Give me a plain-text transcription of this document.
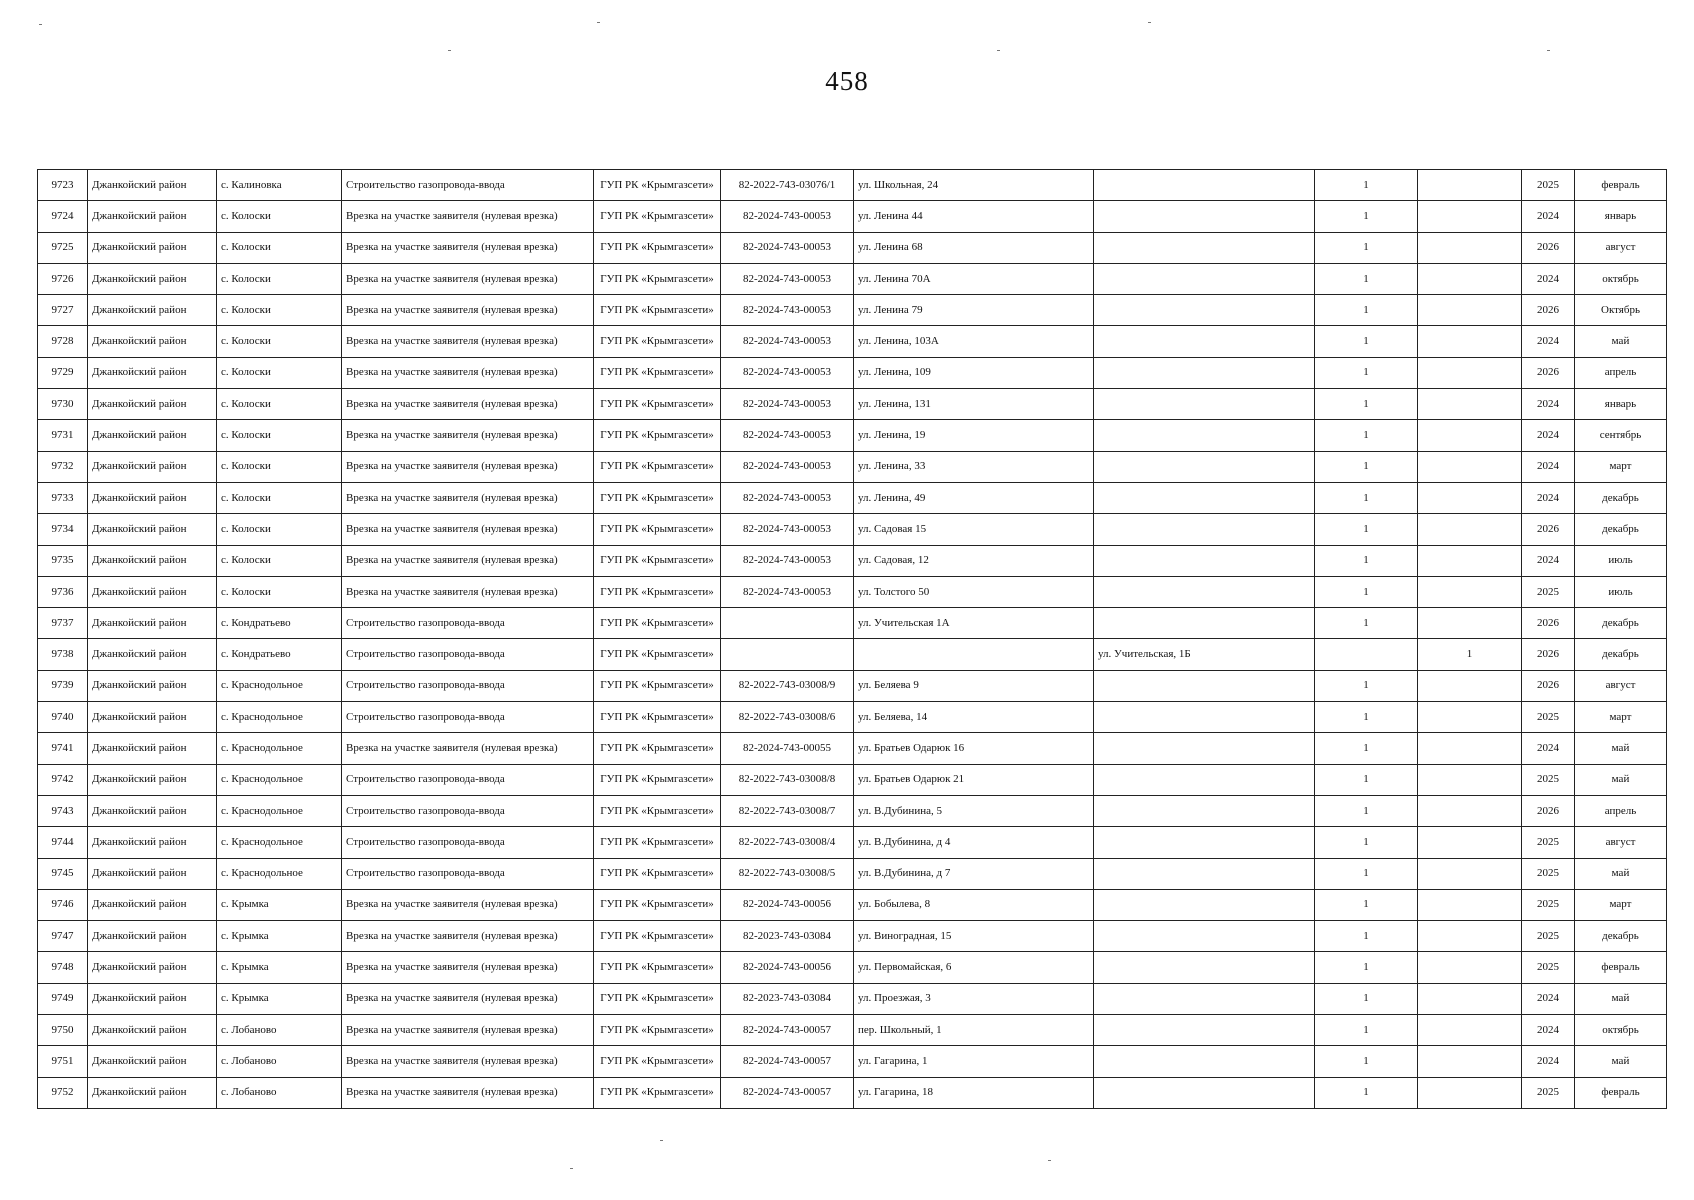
458
9723	Джанкойский район	с. Калиновка	Строительство газопровода-ввода	ГУП РК «Крымгазсети»	82-2022-743-03076/1	ул. Школьная, 24		1		2025	февраль
9724	Джанкойский район	с. Колоски	Врезка на участке заявителя (нулевая врезка)	ГУП РК «Крымгазсети»	82-2024-743-00053	ул. Ленина 44		1		2024	январь
9725	Джанкойский район	с. Колоски	Врезка на участке заявителя (нулевая врезка)	ГУП РК «Крымгазсети»	82-2024-743-00053	ул. Ленина 68		1		2026	август
9726	Джанкойский район	с. Колоски	Врезка на участке заявителя (нулевая врезка)	ГУП РК «Крымгазсети»	82-2024-743-00053	ул. Ленина 70А		1		2024	октябрь
9727	Джанкойский район	с. Колоски	Врезка на участке заявителя (нулевая врезка)	ГУП РК «Крымгазсети»	82-2024-743-00053	ул. Ленина 79		1		2026	Октябрь
9728	Джанкойский район	с. Колоски	Врезка на участке заявителя (нулевая врезка)	ГУП РК «Крымгазсети»	82-2024-743-00053	ул. Ленина, 103А		1		2024	май
9729	Джанкойский район	с. Колоски	Врезка на участке заявителя (нулевая врезка)	ГУП РК «Крымгазсети»	82-2024-743-00053	ул. Ленина, 109		1		2026	апрель
9730	Джанкойский район	с. Колоски	Врезка на участке заявителя (нулевая врезка)	ГУП РК «Крымгазсети»	82-2024-743-00053	ул. Ленина, 131		1		2024	январь
9731	Джанкойский район	с. Колоски	Врезка на участке заявителя (нулевая врезка)	ГУП РК «Крымгазсети»	82-2024-743-00053	ул. Ленина, 19		1		2024	сентябрь
9732	Джанкойский район	с. Колоски	Врезка на участке заявителя (нулевая врезка)	ГУП РК «Крымгазсети»	82-2024-743-00053	ул. Ленина, 33		1		2024	март
9733	Джанкойский район	с. Колоски	Врезка на участке заявителя (нулевая врезка)	ГУП РК «Крымгазсети»	82-2024-743-00053	ул. Ленина, 49		1		2024	декабрь
9734	Джанкойский район	с. Колоски	Врезка на участке заявителя (нулевая врезка)	ГУП РК «Крымгазсети»	82-2024-743-00053	ул. Садовая 15		1		2026	декабрь
9735	Джанкойский район	с. Колоски	Врезка на участке заявителя (нулевая врезка)	ГУП РК «Крымгазсети»	82-2024-743-00053	ул. Садовая, 12		1		2024	июль
9736	Джанкойский район	с. Колоски	Врезка на участке заявителя (нулевая врезка)	ГУП РК «Крымгазсети»	82-2024-743-00053	ул. Толстого 50		1		2025	июль
9737	Джанкойский район	с. Кондратьево	Строительство газопровода-ввода	ГУП РК «Крымгазсети»		ул. Учительская 1А		1		2026	декабрь
9738	Джанкойский район	с. Кондратьево	Строительство газопровода-ввода	ГУП РК «Крымгазсети»			ул. Учительская, 1Б		1	2026	декабрь
9739	Джанкойский район	с. Краснодольное	Строительство газопровода-ввода	ГУП РК «Крымгазсети»	82-2022-743-03008/9	ул. Беляева 9		1		2026	август
9740	Джанкойский район	с. Краснодольное	Строительство газопровода-ввода	ГУП РК «Крымгазсети»	82-2022-743-03008/6	ул. Беляева, 14		1		2025	март
9741	Джанкойский район	с. Краснодольное	Врезка на участке заявителя (нулевая врезка)	ГУП РК «Крымгазсети»	82-2024-743-00055	ул. Братьев Одарюк 16		1		2024	май
9742	Джанкойский район	с. Краснодольное	Строительство газопровода-ввода	ГУП РК «Крымгазсети»	82-2022-743-03008/8	ул. Братьев Одарюк 21		1		2025	май
9743	Джанкойский район	с. Краснодольное	Строительство газопровода-ввода	ГУП РК «Крымгазсети»	82-2022-743-03008/7	ул. В.Дубинина, 5		1		2026	апрель
9744	Джанкойский район	с. Краснодольное	Строительство газопровода-ввода	ГУП РК «Крымгазсети»	82-2022-743-03008/4	ул. В.Дубинина, д 4		1		2025	август
9745	Джанкойский район	с. Краснодольное	Строительство газопровода-ввода	ГУП РК «Крымгазсети»	82-2022-743-03008/5	ул. В.Дубинина, д 7		1		2025	май
9746	Джанкойский район	с. Крымка	Врезка на участке заявителя (нулевая врезка)	ГУП РК «Крымгазсети»	82-2024-743-00056	ул. Бобылева, 8		1		2025	март
9747	Джанкойский район	с. Крымка	Врезка на участке заявителя (нулевая врезка)	ГУП РК «Крымгазсети»	82-2023-743-03084	ул. Виноградная, 15		1		2025	декабрь
9748	Джанкойский район	с. Крымка	Врезка на участке заявителя (нулевая врезка)	ГУП РК «Крымгазсети»	82-2024-743-00056	ул. Первомайская, 6		1		2025	февраль
9749	Джанкойский район	с. Крымка	Врезка на участке заявителя (нулевая врезка)	ГУП РК «Крымгазсети»	82-2023-743-03084	ул. Проезжая, 3		1		2024	май
9750	Джанкойский район	с. Лобаново	Врезка на участке заявителя (нулевая врезка)	ГУП РК «Крымгазсети»	82-2024-743-00057	пер. Школьный, 1		1		2024	октябрь
9751	Джанкойский район	с. Лобаново	Врезка на участке заявителя (нулевая врезка)	ГУП РК «Крымгазсети»	82-2024-743-00057	ул. Гагарина, 1		1		2024	май
9752	Джанкойский район	с. Лобаново	Врезка на участке заявителя (нулевая врезка)	ГУП РК «Крымгазсети»	82-2024-743-00057	ул. Гагарина, 18		1		2025	февраль
